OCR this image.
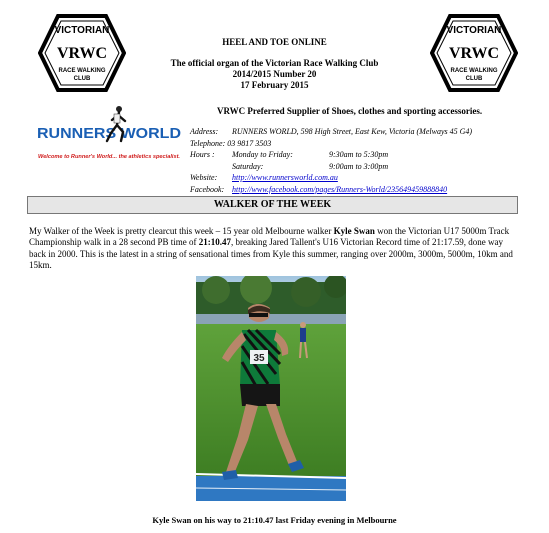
VICTORIAN
VRWC
RACE WALKING
CLUB
VICTORIAN
VRWC
RACE WALKING
CLUB
HEEL AND TOE ONLINE
The official organ of the Victorian Race Walking Club
2014/2015 Number 20
17 February 2015
RUNNERS WORLD
Welcome to Runner's World... the athletics specialist.
VRWC Preferred Supplier of Shoes, clothes and sporting accessories.
Address:	RUNNERS WORLD, 598 High Street, East Kew, Victoria (Melways 45 G4)
Telephone:
03 9817 3503
Hours :	Monday to Friday:	9:30am to 5:30pm
Saturday:	9:00am to 3:00pm
Website:	http://www.runnersworld.com.au
Facebook: http://www.facebook.com/pages/Runners-World/235649459888840
WALKER OF THE WEEK
My Walker of the Week is pretty clearcut this week – 15 year old Melbourne walker Kyle Swan won the Victorian U17 5000m Track Championship walk in a 28 second PB time of 21:10.47, breaking Jared Tallent's U16 Victorian Record time of 21:17.59, done way back in 2000. This is the latest in a string of sensational times from Kyle this summer, ranging over 2000m, 3000m, 5000m, 10km and 15km.
35
Kyle Swan on his way to 21:10.47 last Friday evening in Melbourne
